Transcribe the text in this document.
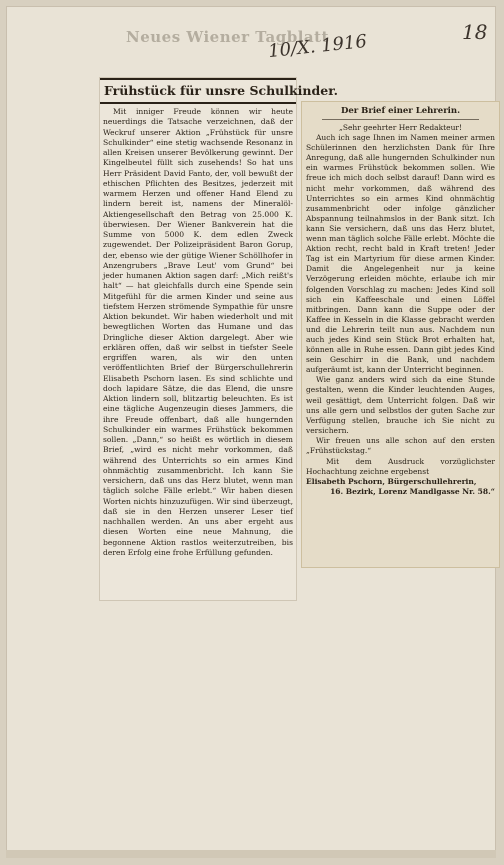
Neues Wiener Tagblatt
10/X. 1916	18
Frühstück für unsre Schulkinder.

Mit inniger Freude können wir heute neuerdings die Tatsache verzeichnen, daß der Weckruf unserer Aktion „Frühstück für unsre Schulkinder“ eine stetig wachsende Resonanz in allen Kreisen unserer Bevölkerung gewinnt. Der Kingelbeutel füllt sich zusehends! So hat uns Herr Präsident David Fanto, der, voll bewußt der ethischen Pflichten des Besitzes, jederzeit mit warmem Herzen und offener Hand Elend zu lindern bereit ist, namens der Mineralöl-Aktiengesellschaft den Betrag von 25.000 K. überwiesen. Der Wiener Bankverein hat die Summe von 5000 K. dem edlen Zweck zugewendet. Der Polizeipräsident Baron Gorup, der, ebenso wie der gütige Wiener Schöllhofer in Anzengrubers „Brave Leut' vom Grund“ bei jeder humanen Aktion sagen darf: „Mich reißt's halt“ — hat gleichfalls durch eine Spende sein Mitgefühl für die armen Kinder und seine aus tiefstem Herzen strömende Sympathie für unsre Aktion bekundet. Wir haben wiederholt und mit bewegtlichen Worten das Humane und das Dringliche dieser Aktion dargelegt. Aber wie erklären offen, daß wir selbst in tiefster Seele ergriffen waren, als wir den unten veröffentlichten Brief der Bürgerschullehrerin Elisabeth Pschorn lasen. Es sind schlichte und doch lapidare Sätze, die das Elend, die unsre Aktion lindern soll, blitzartig beleuchten. Es ist eine tägliche Augenzeugin dieses Jammers, die ihre Freude offenbart, daß alle hungernden Schulkinder ein warmes Frühstück bekommen sollen. „Dann,“ so heißt es wörtlich in diesem Brief, „wird es nicht mehr vorkommen, daß während des Unterrichts so ein armes Kind ohnmächtig zusammenbricht. Ich kann Sie versichern, daß uns das Herz blutet, wenn man täglich solche Fälle erlebt.“ Wir haben diesen Worten nichts hinzuzufügen. Wir sind überzeugt, daß sie in den Herzen unserer Leser tief nachhallen werden. An uns aber ergeht aus diesen Worten eine neue Mahnung, die begonnene Aktion rastlos weiterzutreiben, bis deren Erfolg eine frohe Erfüllung gefunden.

Der Brief einer Lehrerin.

„Sehr geehrter Herr Redakteur!

Auch ich sage Ihnen im Namen meiner armen Schülerinnen den herzlichsten Dank für Ihre Anregung, daß alle hungernden Schulkinder nun ein warmes Frühstück bekommen sollen. Wie freue ich mich doch selbst darauf! Dann wird es nicht mehr vorkommen, daß während des Unterrichtes so ein armes Kind ohnmächtig zusammenbricht oder infolge gänzlicher Abspannung teilnahmslos in der Bank sitzt. Ich kann Sie versichern, daß uns das Herz blutet, wenn man täglich solche Fälle erlebt. Möchte die Aktion recht, recht bald in Kraft treten! Jeder Tag ist ein Martyrium für diese armen Kinder. Damit die Angelegenheit nur ja keine Verzögerung erleiden möchte, erlaube ich mir folgenden Vorschlag zu machen: Jedes Kind soll sich ein Kaffeeschale und einen Löffel mitbringen. Dann kann die Suppe oder der Kaffee in Kesseln in die Klasse gebracht werden und die Lehrerin teilt nun aus. Nachdem nun auch jedes Kind sein Stück Brot erhalten hat, können alle in Ruhe essen. Dann gibt jedes Kind sein Geschirr in die Bank, und nachdem aufgeräumt ist, kann der Unterricht beginnen.

Wie ganz anders wird sich da eine Stunde gestalten, wenn die Kinder leuchtenden Auges, weil gesättigt, dem Unterricht folgen. Daß wir uns alle gern und selbstlos der guten Sache zur Verfügung stellen, brauche ich Sie nicht zu versichern.

Wir freuen uns alle schon auf den ersten „Frühstückstag.“

Mit dem Ausdruck vorzüglichster Hochachtung zeichne ergebenst

Elisabeth Pschorn, Bürgerschullehrerin,

16. Bezirk, Lorenz Mandlgasse Nr. 58.“
